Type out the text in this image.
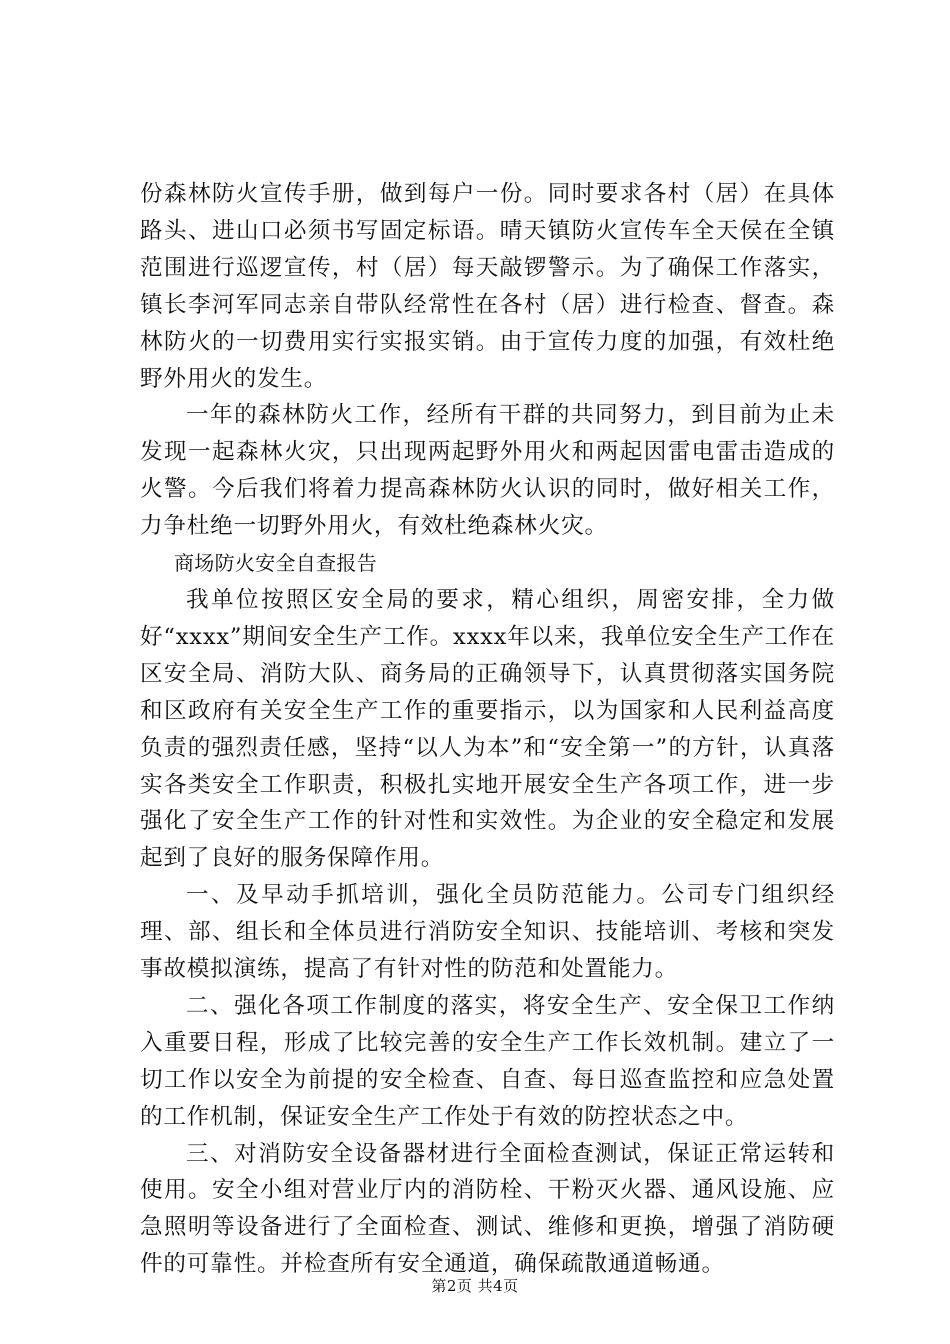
份森林防火宣传手册，做到每户一份。同时要求各村（居）在具体路头、进山口必须书写固定标语。晴天镇防火宣传车全天侯在全镇范围进行巡逻宣传，村（居）每天敲锣警示。为了确保工作落实，镇长李河军同志亲自带队经常性在各村（居）进行检查、督查。森林防火的一切费用实行实报实销。由于宣传力度的加强，有效杜绝野外用火的发生。

一年的森林防火工作，经所有干群的共同努力，到目前为止未发现一起森林火灾，只出现两起野外用火和两起因雷电雷击造成的火警。今后我们将着力提高森林防火认识的同时，做好相关工作，力争杜绝一切野外用火，有效杜绝森林火灾。

商场防火安全自查报告

我单位按照区安全局的要求，精心组织，周密安排，全力做好“xxxx”期间安全生产工作。xxxx年以来，我单位安全生产工作在区安全局、消防大队、商务局的正确领导下，认真贯彻落实国务院和区政府有关安全生产工作的重要指示，以为国家和人民利益高度负责的强烈责任感，坚持“以人为本”和“安全第一”的方针，认真落实各类安全工作职责，积极扎实地开展安全生产各项工作，进一步强化了安全生产工作的针对性和实效性。为企业的安全稳定和发展起到了良好的服务保障作用。

一、及早动手抓培训，强化全员防范能力。公司专门组织经理、部、组长和全体员进行消防安全知识、技能培训、考核和突发事故模拟演练，提高了有针对性的防范和处置能力。

二、强化各项工作制度的落实，将安全生产、安全保卫工作纳入重要日程，形成了比较完善的安全生产工作长效机制。建立了一切工作以安全为前提的安全检查、自查、每日巡查监控和应急处置的工作机制，保证安全生产工作处于有效的防控状态之中。

三、对消防安全设备器材进行全面检查测试，保证正常运转和使用。安全小组对营业厅内的消防栓、干粉灭火器、通风设施、应急照明等设备进行了全面检查、测试、维修和更换，增强了消防硬件的可靠性。并检查所有安全通道，确保疏散通道畅通。

第2页 共4页
